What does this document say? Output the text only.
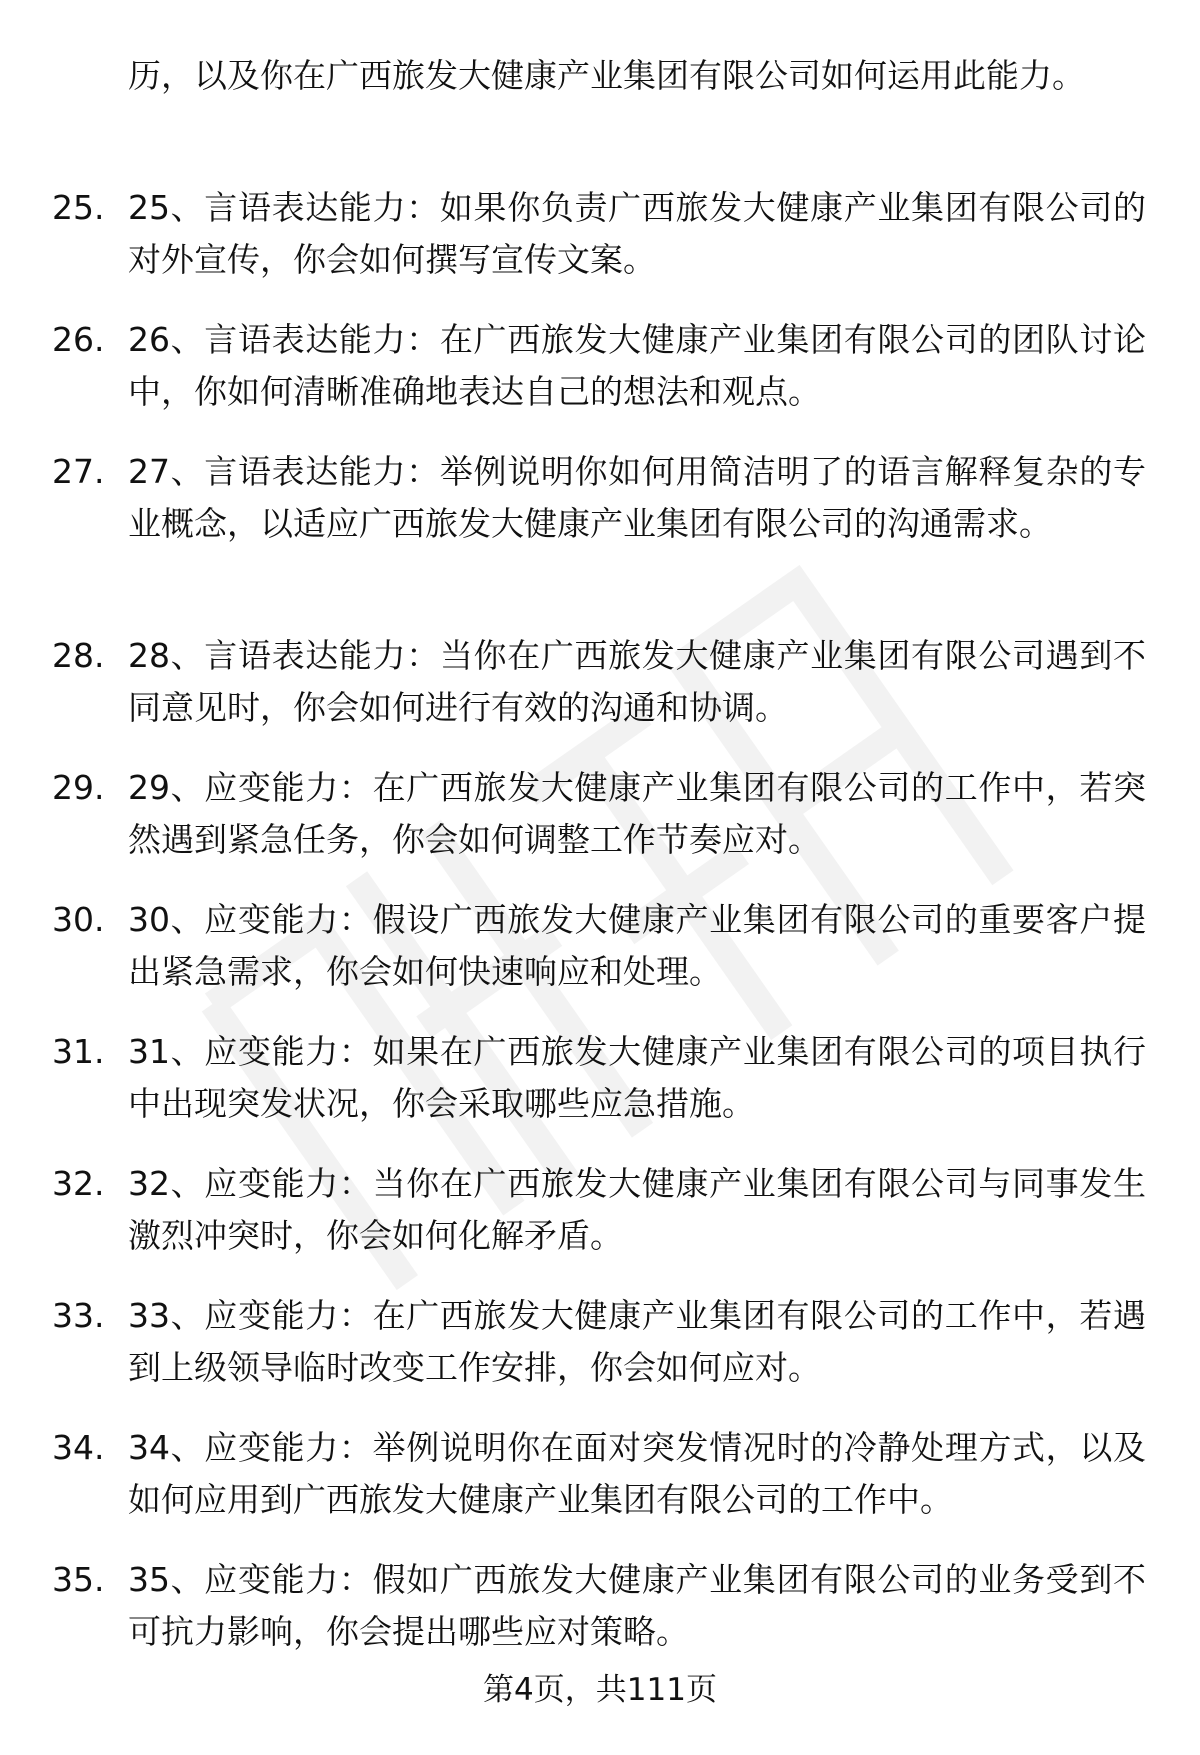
历，以及你在广西旅发大健康产业集团有限公司如何运用此能力。
25. 25、言语表达能力：如果你负责广西旅发大健康产业集团有限公司的对外宣传，你会如何撰写宣传文案。
26. 26、言语表达能力：在广西旅发大健康产业集团有限公司的团队讨论中，你如何清晰准确地表达自己的想法和观点。
27. 27、言语表达能力：举例说明你如何用简洁明了的语言解释复杂的专业概念，以适应广西旅发大健康产业集团有限公司的沟通需求。
28. 28、言语表达能力：当你在广西旅发大健康产业集团有限公司遇到不同意见时，你会如何进行有效的沟通和协调。
29. 29、应变能力：在广西旅发大健康产业集团有限公司的工作中，若突然遇到紧急任务，你会如何调整工作节奏应对。
30. 30、应变能力：假设广西旅发大健康产业集团有限公司的重要客户提出紧急需求，你会如何快速响应和处理。
31. 31、应变能力：如果在广西旅发大健康产业集团有限公司的项目执行中出现突发状况，你会采取哪些应急措施。
32. 32、应变能力：当你在广西旅发大健康产业集团有限公司与同事发生激烈冲突时，你会如何化解矛盾。
33. 33、应变能力：在广西旅发大健康产业集团有限公司的工作中，若遇到上级领导临时改变工作安排，你会如何应对。
34. 34、应变能力：举例说明你在面对突发情况时的冷静处理方式，以及如何应用到广西旅发大健康产业集团有限公司的工作中。
35. 35、应变能力：假如广西旅发大健康产业集团有限公司的业务受到不可抗力影响，你会提出哪些应对策略。
第4页，共111页
